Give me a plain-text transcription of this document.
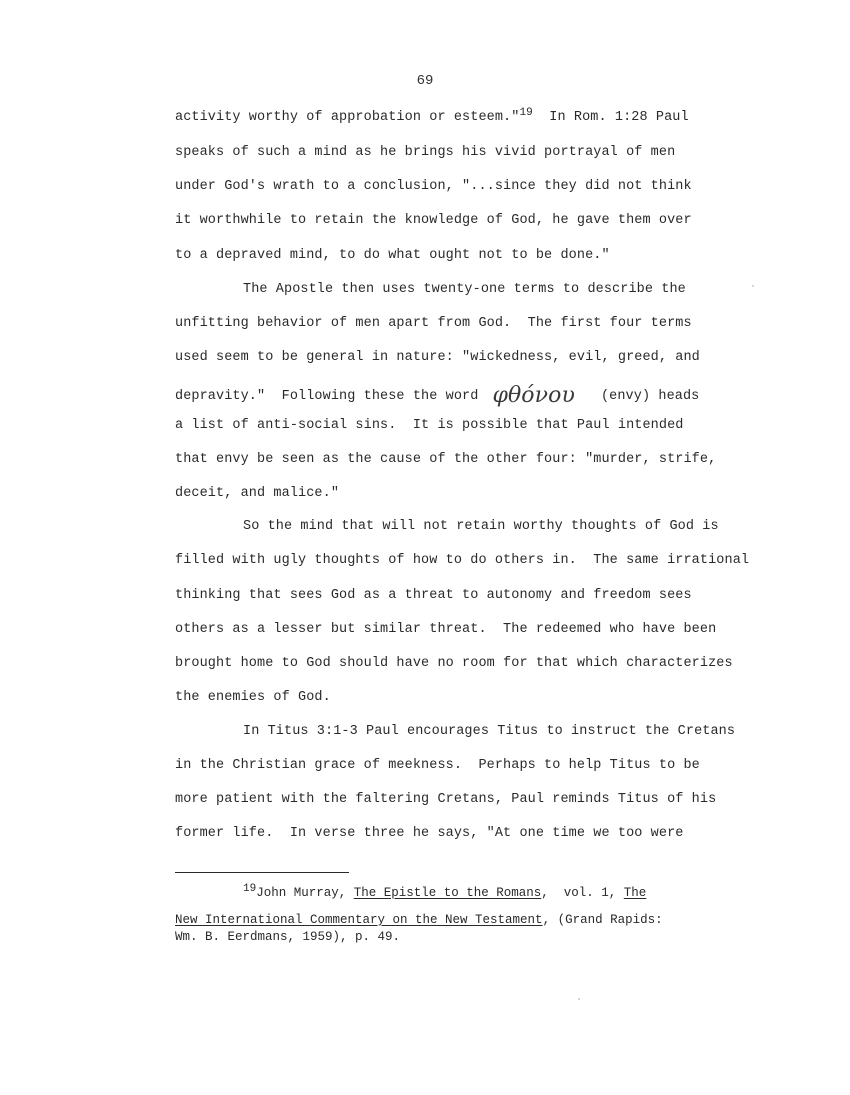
69
activity worthy of approbation or esteem."$^{19}$  In Rom. 1:28 Paul
speaks of such a mind as he brings his vivid portrayal of men
under God's wrath to a conclusion, "...since they did not think
it worthwhile to retain the knowledge of God, he gave them over
to a depraved mind, to do what ought not to be done."
The Apostle then uses twenty-one terms to describe the
unfitting behavior of men apart from God.  The first four terms
used seem to be general in nature: "wickedness, evil, greed, and
depravity."  Following these the word φθόνου (envy) heads
a list of anti-social sins.  It is possible that Paul intended
that envy be seen as the cause of the other four: "murder, strife,
deceit, and malice."
So the mind that will not retain worthy thoughts of God is
filled with ugly thoughts of how to do others in.  The same irrational
thinking that sees God as a threat to autonomy and freedom sees
others as a lesser but similar threat.  The redeemed who have been
brought home to God should have no room for that which characterizes
the enemies of God.
In Titus 3:1-3 Paul encourages Titus to instruct the Cretans
in the Christian grace of meekness.  Perhaps to help Titus to be
more patient with the faltering Cretans, Paul reminds Titus of his
former life.  In verse three he says, "At one time we too were
19John Murray, The Epistle to the Romans,  vol. 1, The
New International Commentary on the New Testament, (Grand Rapids:
Wm. B. Eerdmans, 1959), p. 49.
